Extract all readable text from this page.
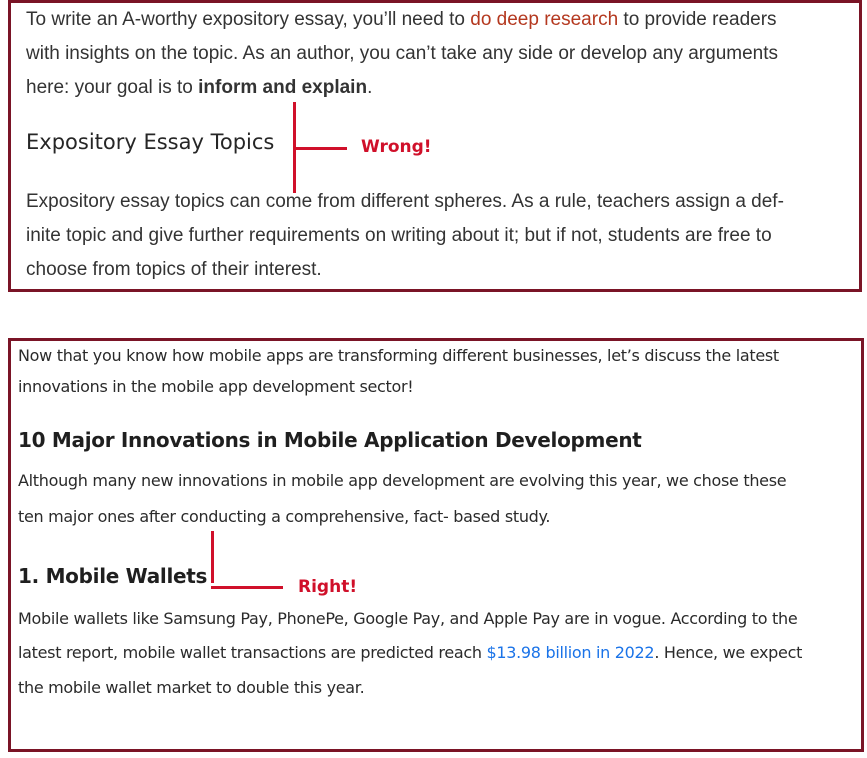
To write an A-worthy expository essay, you’ll need to do deep research to provide readers
with insights on the topic. As an author, you can’t take any side or develop any arguments
here: your goal is to inform and explain.
Expository Essay Topics	Wrong!
Expository essay topics can come from different spheres. As a rule, teachers assign a def-
inite topic and give further requirements on writing about it; but if not, students are free to
choose from topics of their interest.
Now that you know how mobile apps are transforming different businesses, let’s discuss the latest
innovations in the mobile app development sector!
10 Major Innovations in Mobile Application Development
Although many new innovations in mobile app development are evolving this year, we chose these
ten major ones after conducting a comprehensive, fact- based study.
1. Mobile Wallets	Right!
Mobile wallets like Samsung Pay, PhonePe, Google Pay, and Apple Pay are in vogue. According to the
latest report, mobile wallet transactions are predicted reach $13.98 billion in 2022. Hence, we expect
the mobile wallet market to double this year.
